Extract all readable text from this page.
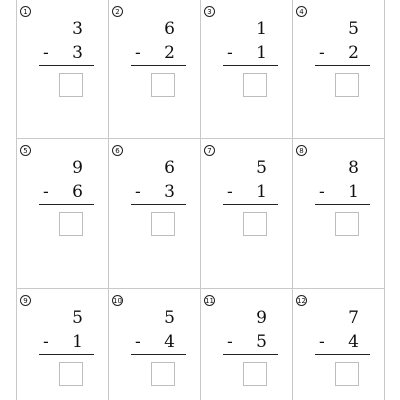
1
3
- 3
2
6
- 2
3
1
- 1
4
5
- 2
5
9
- 6
6
6
- 3
7
5
- 1
8
8
- 1
9
5
- 1
10
5
- 4
11
9
- 5
12
7
- 4
